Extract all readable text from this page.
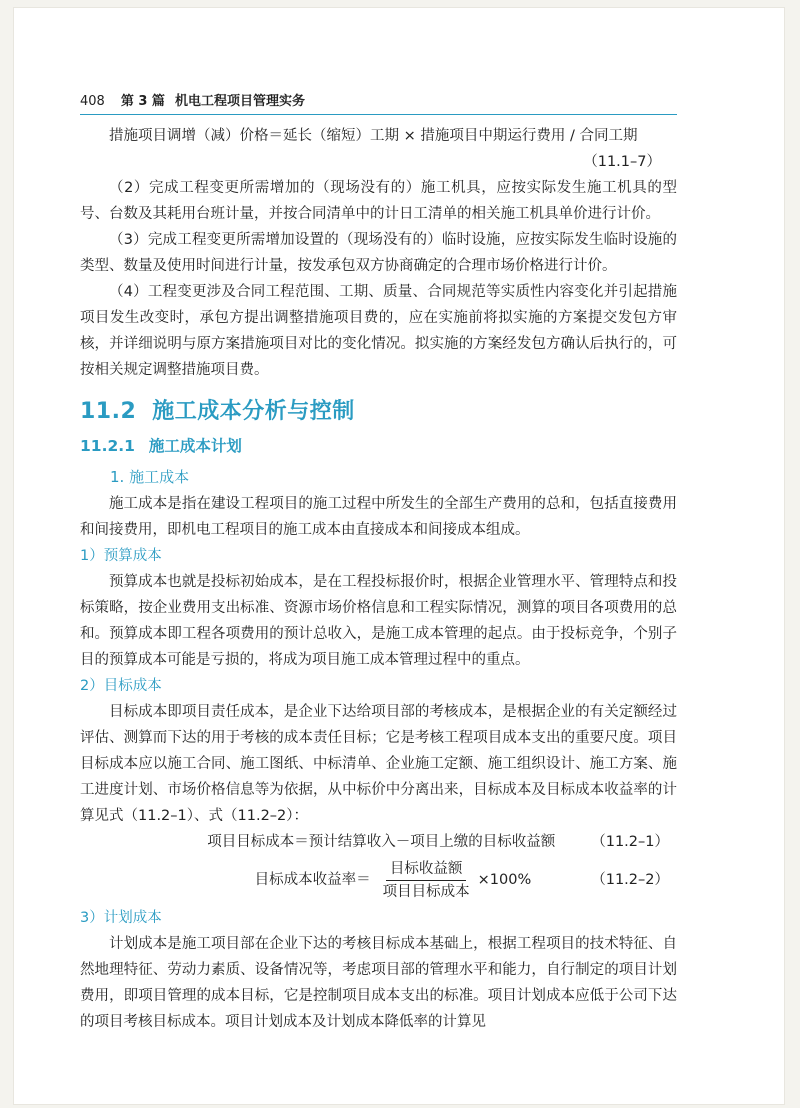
408 第 3 篇 机电工程项目管理实务

措施项目调增（减）价格＝延长（缩短）工期 × 措施项目中期运行费用 / 合同工期

（11.1–7）

（2）完成工程变更所需增加的（现场没有的）施工机具，应按实际发生施工机具的型号、台数及其耗用台班计量，并按合同清单中的计日工清单的相关施工机具单价进行计价。

（3）完成工程变更所需增加设置的（现场没有的）临时设施，应按实际发生临时设施的类型、数量及使用时间进行计量，按发承包双方协商确定的合理市场价格进行计价。

（4）工程变更涉及合同工程范围、工期、质量、合同规范等实质性内容变化并引起措施项目发生改变时，承包方提出调整措施项目费的，应在实施前将拟实施的方案提交发包方审核，并详细说明与原方案措施项目对比的变化情况。拟实施的方案经发包方确认后执行的，可按相关规定调整措施项目费。

11.2 施工成本分析与控制
11.2.1 施工成本计划
1. 施工成本

施工成本是指在建设工程项目的施工过程中所发生的全部生产费用的总和，包括直接费用和间接费用，即机电工程项目的施工成本由直接成本和间接成本组成。

1）预算成本

预算成本也就是投标初始成本，是在工程投标报价时，根据企业管理水平、管理特点和投标策略，按企业费用支出标准、资源市场价格信息和工程实际情况，测算的项目各项费用的总和。预算成本即工程各项费用的预计总收入，是施工成本管理的起点。由于投标竞争，个别子目的预算成本可能是亏损的，将成为项目施工成本管理过程中的重点。

2）目标成本

目标成本即项目责任成本，是企业下达给项目部的考核成本，是根据企业的有关定额经过评估、测算而下达的用于考核的成本责任目标；它是考核工程项目成本支出的重要尺度。项目目标成本应以施工合同、施工图纸、中标清单、企业施工定额、施工组织设计、施工方案、施工进度计划、市场价格信息等为依据，从中标价中分离出来，目标成本及目标成本收益率的计算见式（11.2–1）、式（11.2–2）：

项目目标成本＝预计结算收入－项目上缴的目标收益额 （11.2–1）
目标成本收益率＝ $\frac{\text{目标收益额}}{\text{项目目标成本}} \times 100\%$	（11.2–2）
3）计划成本

计划成本是施工项目部在企业下达的考核目标成本基础上，根据工程项目的技术特征、自然地理特征、劳动力素质、设备情况等，考虑项目部的管理水平和能力，自行制定的项目计划费用，即项目管理的成本目标，它是控制项目成本支出的标准。项目计划成本应低于公司下达的项目考核目标成本。项目计划成本及计划成本降低率的计算见
